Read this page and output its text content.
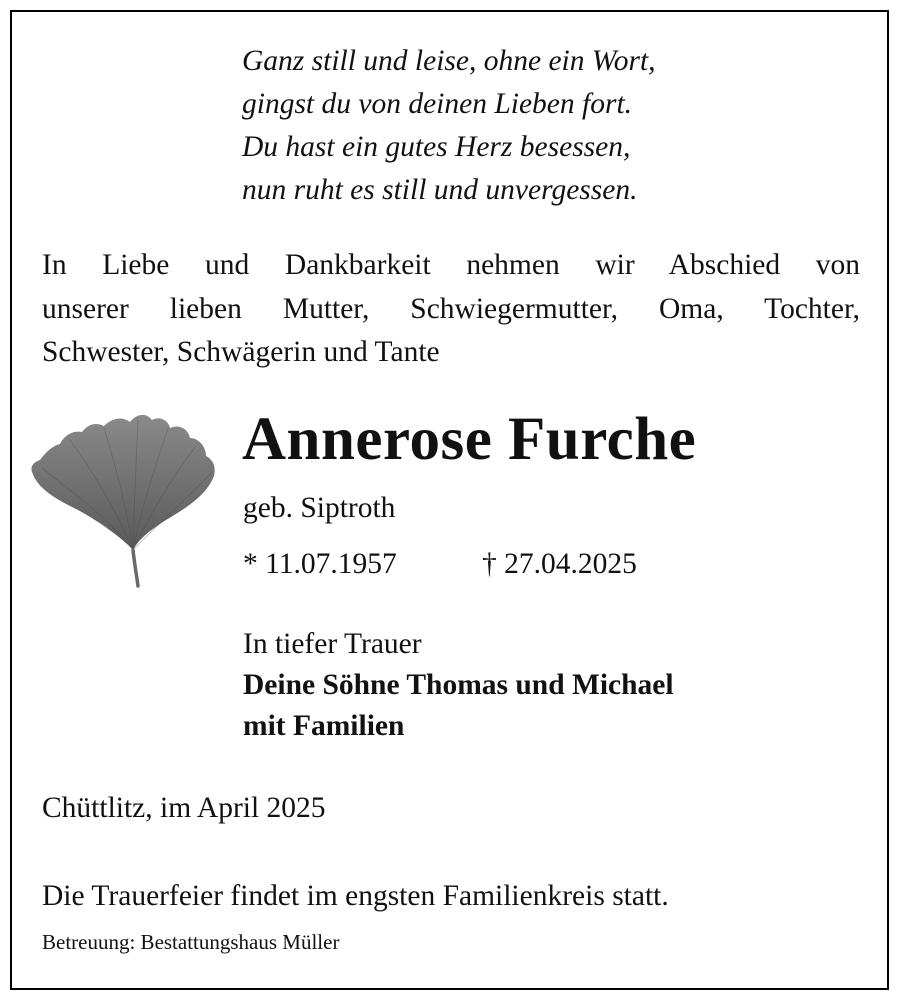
Ganz still und leise, ohne ein Wort,
gingst du von deinen Lieben fort.
Du hast ein gutes Herz besessen,
nun ruht es still und unvergessen.
In Liebe und Dankbarkeit nehmen wir Abschied von
unserer lieben Mutter, Schwiegermutter, Oma, Tochter,
Schwester, Schwägerin und Tante
Annerose Furche
geb. Siptroth
* 11.07.1957	† 27.04.2025
In tiefer Trauer
Deine Söhne Thomas und Michael
mit Familien
Chüttlitz, im April 2025
Die Trauerfeier findet im engsten Familienkreis statt.
Betreuung: Bestattungshaus Müller
